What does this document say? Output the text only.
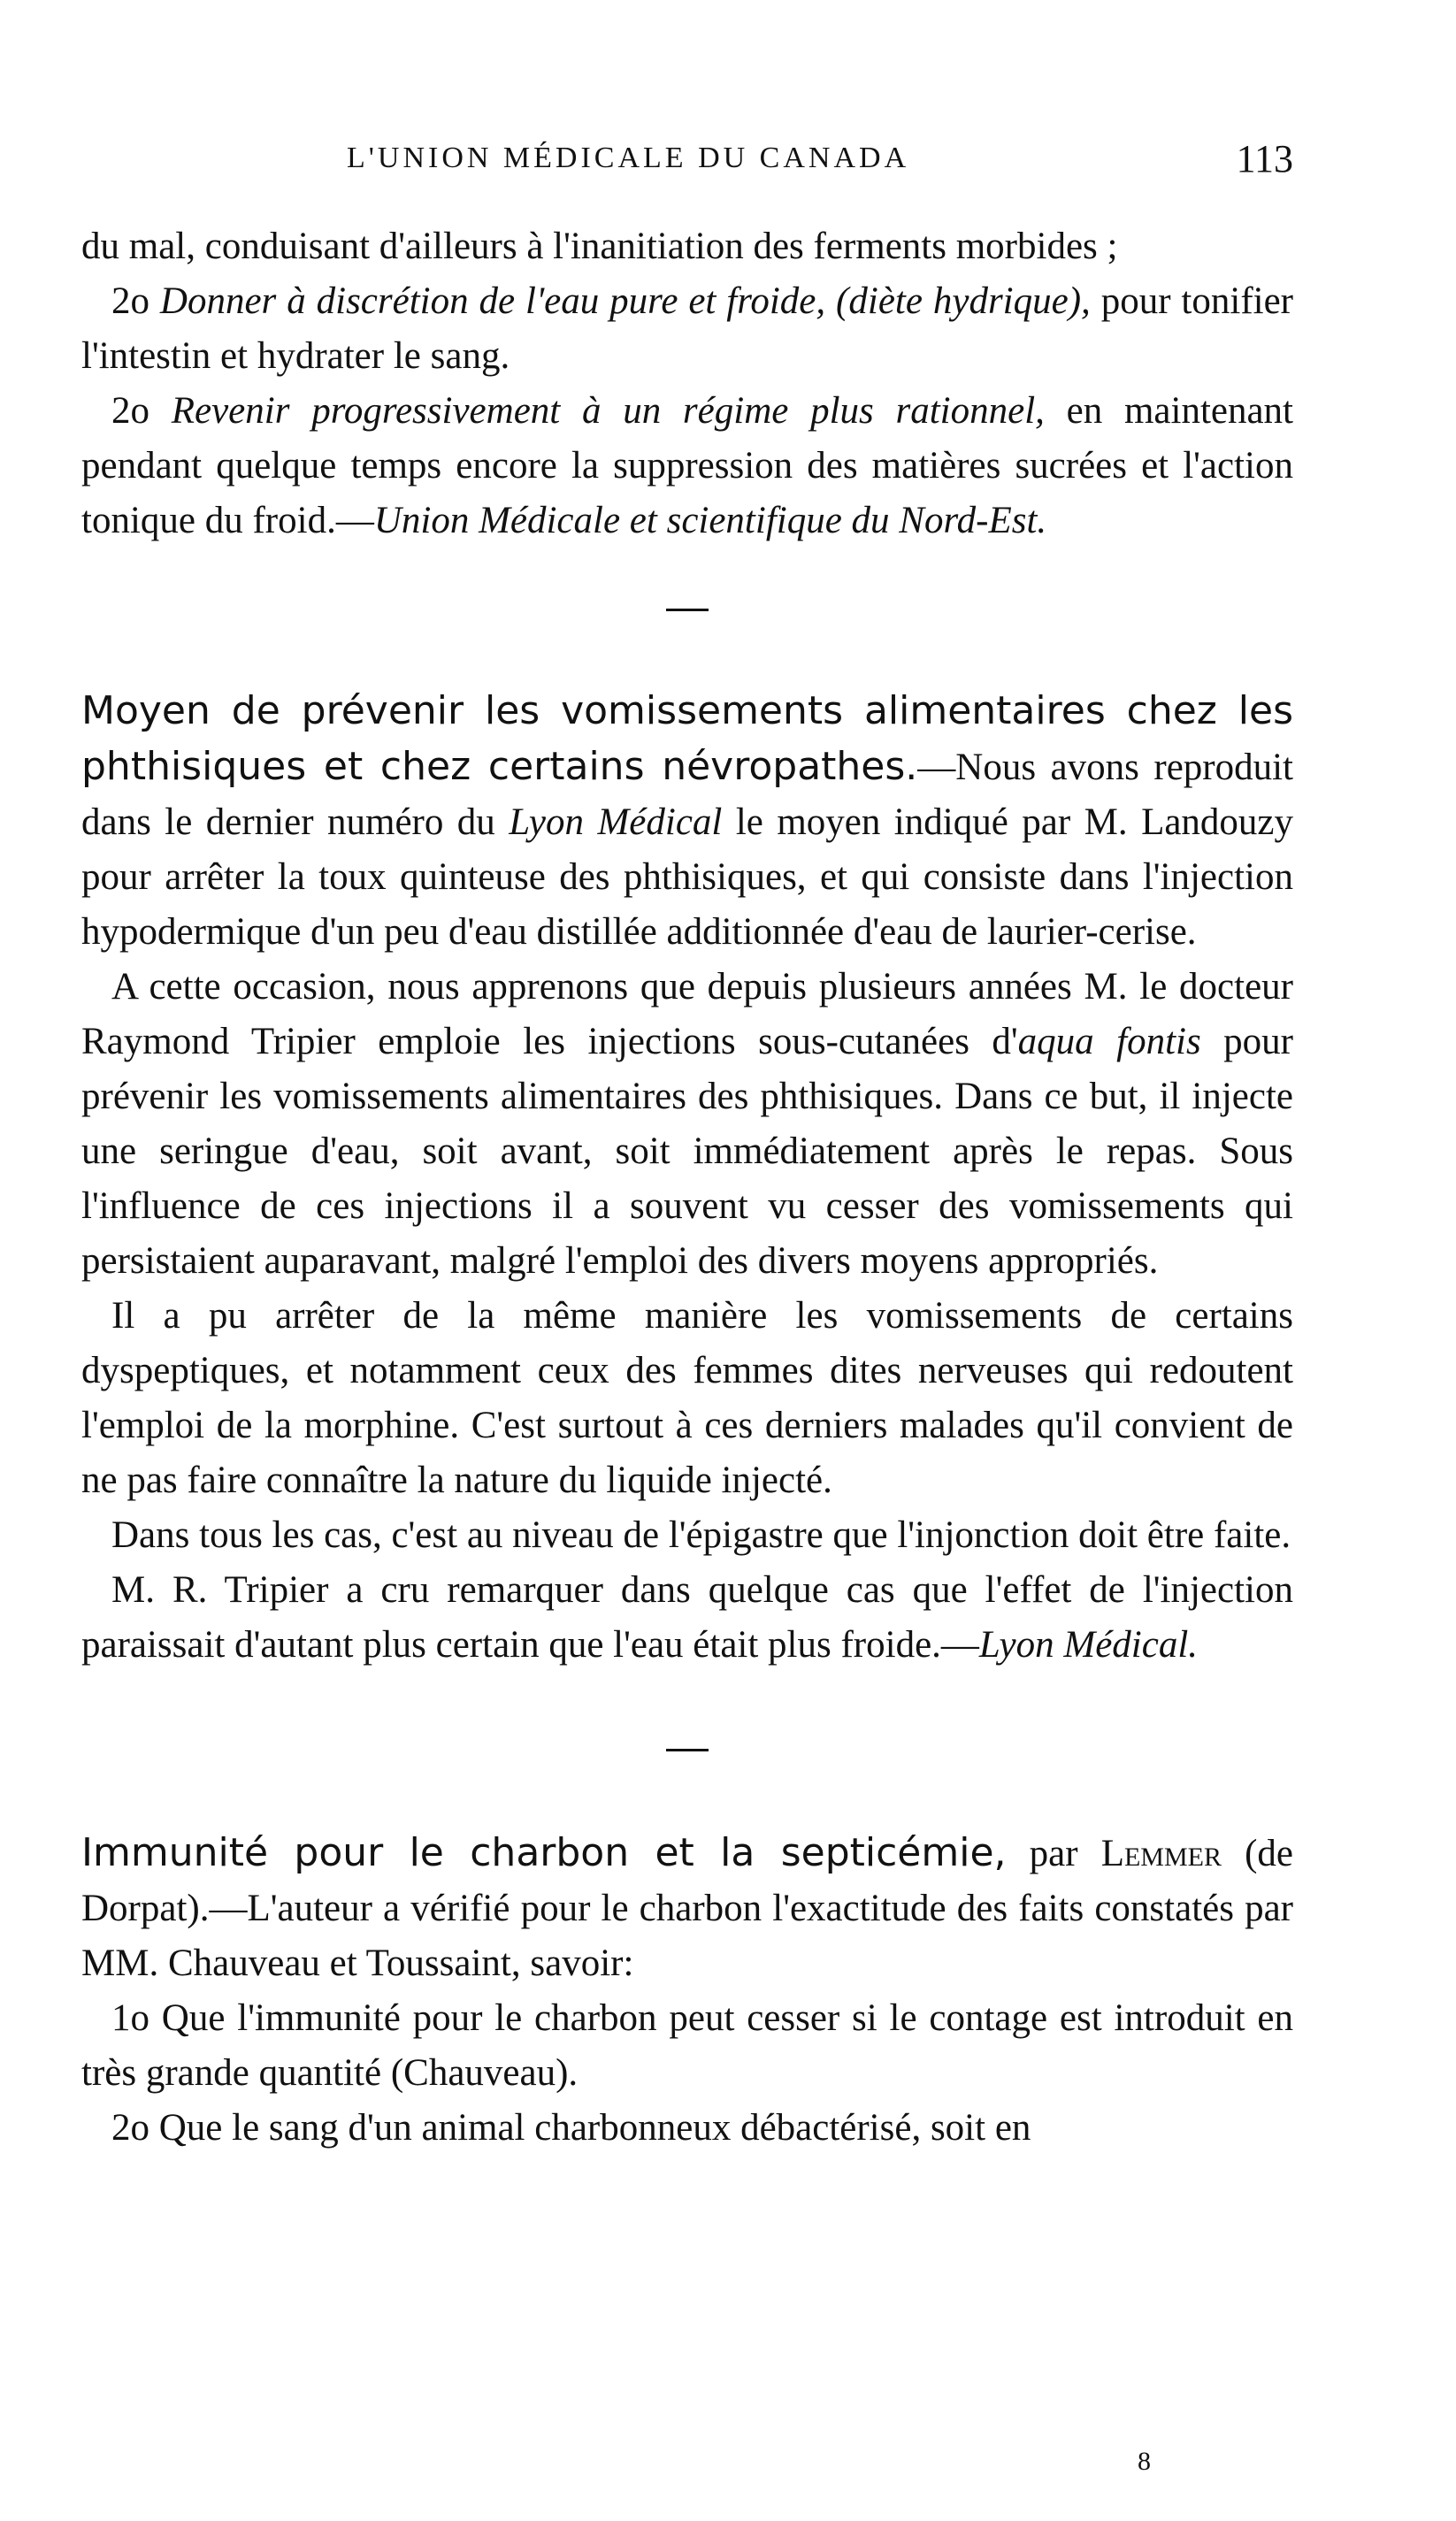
L'UNION MÉDICALE DU CANADA	113

du mal, conduisant d'ailleurs à l'inanitiation des ferments morbides ;

2o Donner à discrétion de l'eau pure et froide, (diète hydrique), pour tonifier l'intestin et hydrater le sang.

2o Revenir progressivement à un régime plus rationnel, en maintenant pendant quelque temps encore la suppression des matières sucrées et l'action tonique du froid.—Union Médicale et scientifique du Nord-Est.

Moyen de prévenir les vomissements alimentaires chez les phthisiques et chez certains névropathes.—Nous avons reproduit dans le dernier numéro du Lyon Médical le moyen indiqué par M. Landouzy pour arrêter la toux quinteuse des phthisiques, et qui consiste dans l'injection hypodermique d'un peu d'eau distillée additionnée d'eau de laurier-cerise.

A cette occasion, nous apprenons que depuis plusieurs années M. le docteur Raymond Tripier emploie les injections sous-cutanées d'aqua fontis pour prévenir les vomissements alimentaires des phthisiques. Dans ce but, il injecte une seringue d'eau, soit avant, soit immédiatement après le repas. Sous l'influence de ces injections il a souvent vu cesser des vomissements qui persistaient auparavant, malgré l'emploi des divers moyens appropriés.

Il a pu arrêter de la même manière les vomissements de certains dyspeptiques, et notamment ceux des femmes dites nerveuses qui redoutent l'emploi de la morphine. C'est surtout à ces derniers malades qu'il convient de ne pas faire connaître la nature du liquide injecté.

Dans tous les cas, c'est au niveau de l'épigastre que l'injonction doit être faite.

M. R. Tripier a cru remarquer dans quelque cas que l'effet de l'injection paraissait d'autant plus certain que l'eau était plus froide.—Lyon Médical.

Immunité pour le charbon et la septicémie, par Lemmer (de Dorpat).—L'auteur a vérifié pour le charbon l'exactitude des faits constatés par MM. Chauveau et Toussaint, savoir:

1o Que l'immunité pour le charbon peut cesser si le contage est introduit en très grande quantité (Chauveau).

2o Que le sang d'un animal charbonneux débactérisé, soit en

8
